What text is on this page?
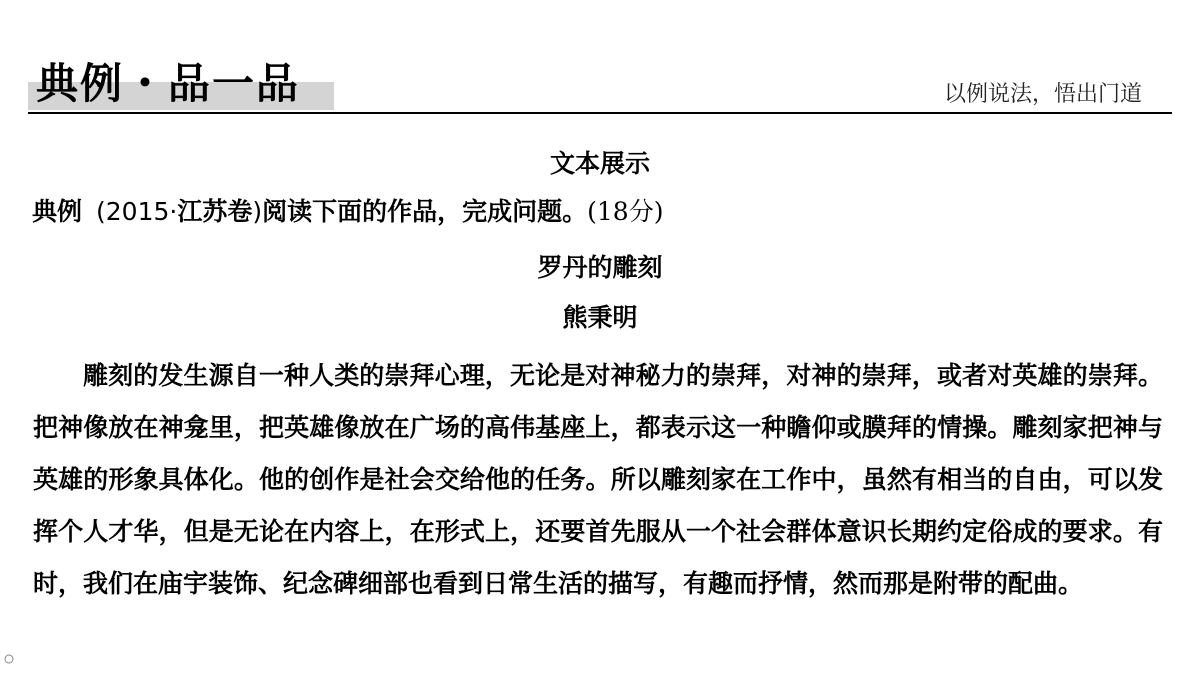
典例・品一品	以例说法，悟出门道
文本展示
典例 (2015·江苏卷)阅读下面的作品，完成问题。(18分)
罗丹的雕刻
熊秉明
雕刻的发生源自一种人类的崇拜心理，无论是对神秘力的崇拜，对神的崇拜，或者对英雄的崇拜。把神像放在神龛里，把英雄像放在广场的高伟基座上，都表示这一种瞻仰或膜拜的情操。雕刻家把神与英雄的形象具体化。他的创作是社会交给他的任务。所以雕刻家在工作中，虽然有相当的自由，可以发挥个人才华，但是无论在内容上，在形式上，还要首先服从一个社会群体意识长期约定俗成的要求。有时，我们在庙宇装饰、纪念碑细部也看到日常生活的描写，有趣而抒情，然而那是附带的配曲。
